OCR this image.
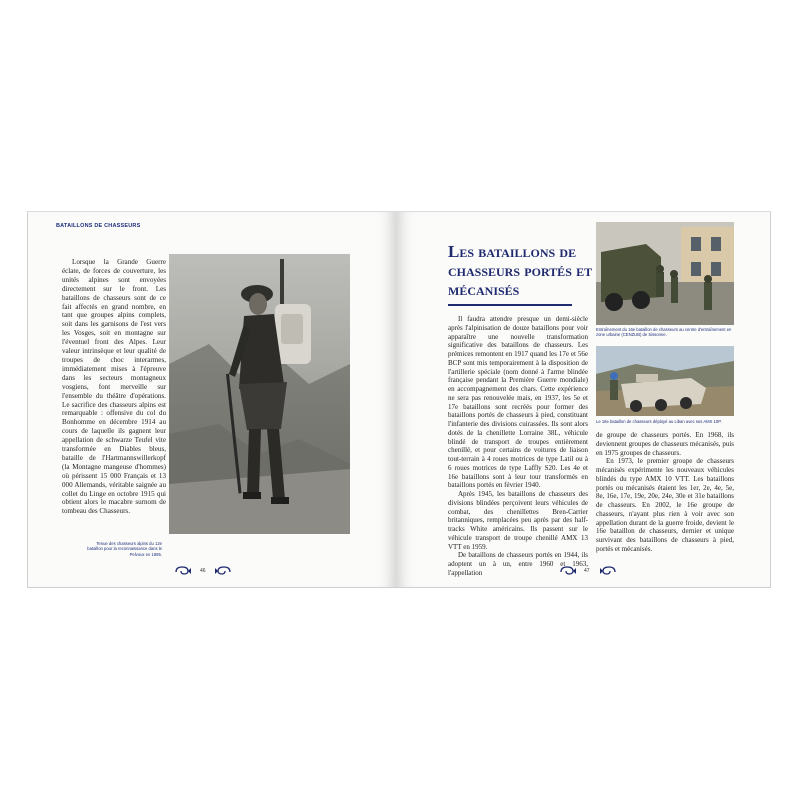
BATAILLONS DE CHASSEURS

Lorsque la Grande Guerre éclate, de forces de couverture, les unités alpines sont envoyées directement sur le front. Les bataillons de chasseurs sont de ce fait affectés en grand nombre, en tant que groupes alpins complets, soit dans les garnisons de l'est vers les Vosges, soit en montagne sur l'éventuel front des Alpes. Leur valeur intrinsèque et leur qualité de troupes de choc interarmes, immédiatement mises à l'épreuve dans les secteurs montagneux vosgiens, font merveille sur l'ensemble du théâtre d'opérations. Le sacrifice des chasseurs alpins est remarquable : offensive du col du Bonhomme en décembre 1914 au cours de laquelle ils gagnent leur appellation de schwarze Teufel vite transformée en Diables bleus, bataille de l'Hartmannswillerkopf (la Montagne mangeuse d'hommes) où périssent 15 000 Français et 13 000 Allemands, véritable saignée au collet du Linge en octobre 1915 qui obtient alors le macabre surnom de tombeau des Chasseurs.

Tenue des chasseurs alpins du 12e bataillon pour la reconnaissance dans le Pelvoux en 1895.
46
Les bataillons de chasseurs portés et mécanisés

Il faudra attendre presque un demi-siècle après l'alpinisation de douze bataillons pour voir apparaître une nouvelle transformation significative des bataillons de chasseurs. Les prémices remontent en 1917 quand les 17e et 56e BCP sont mis temporairement à la disposition de l'artillerie spéciale (nom donné à l'arme blindée française pendant la Première Guerre mondiale) en accompagnement des chars. Cette expérience ne sera pas renouvelée mais, en 1937, les 5e et 17e bataillons sont recréés pour former des bataillons portés de chasseurs à pied, constituant l'infanterie des divisions cuirassées. Ils sont alors dotés de la chenillette Lorraine 38L, véhicule blindé de transport de troupes entièrement chenillé, et pour certains de voitures de liaison tout-terrain à 4 roues motrices de type Latil ou à 6 roues motrices de type Laffly S20. Les 4e et 16e bataillons sont à leur tour transformés en bataillons portés en février 1940.

Après 1945, les bataillons de chasseurs des divisions blindées perçoivent leurs véhicules de combat, des chenillettes Bren-Carrier britanniques, remplacées peu après par des half-tracks White américains. Ils passent sur le véhicule transport de troupe chenillé AMX 13 VTT en 1959.

De bataillons de chasseurs portés en 1944, ils adoptent un à un, entre 1960 et 1963, l'appellation

Entraînement du 16e bataillon de chasseurs au centre d'entraînement en zone urbaine (CENZUB) de Sissonne.
Le 16e bataillon de chasseurs déployé au Liban avec ses AMX 10P.

de groupe de chasseurs portés. En 1968, ils deviennent groupes de chasseurs mécanisés, puis en 1975 groupes de chasseurs.

En 1973, le premier groupe de chasseurs mécanisés expérimente les nouveaux véhicules blindés du type AMX 10 VTT. Les bataillons portés ou mécanisés étaient les 1er, 2e, 4e, 5e, 8e, 16e, 17e, 19e, 20e, 24e, 30e et 31e bataillons de chasseurs. En 2002, le 16e groupe de chasseurs, n'ayant plus rien à voir avec son appellation durant de la guerre froide, devient le 16e bataillon de chasseurs, dernier et unique survivant des bataillons de chasseurs à pied, portés et mécanisés.

47
